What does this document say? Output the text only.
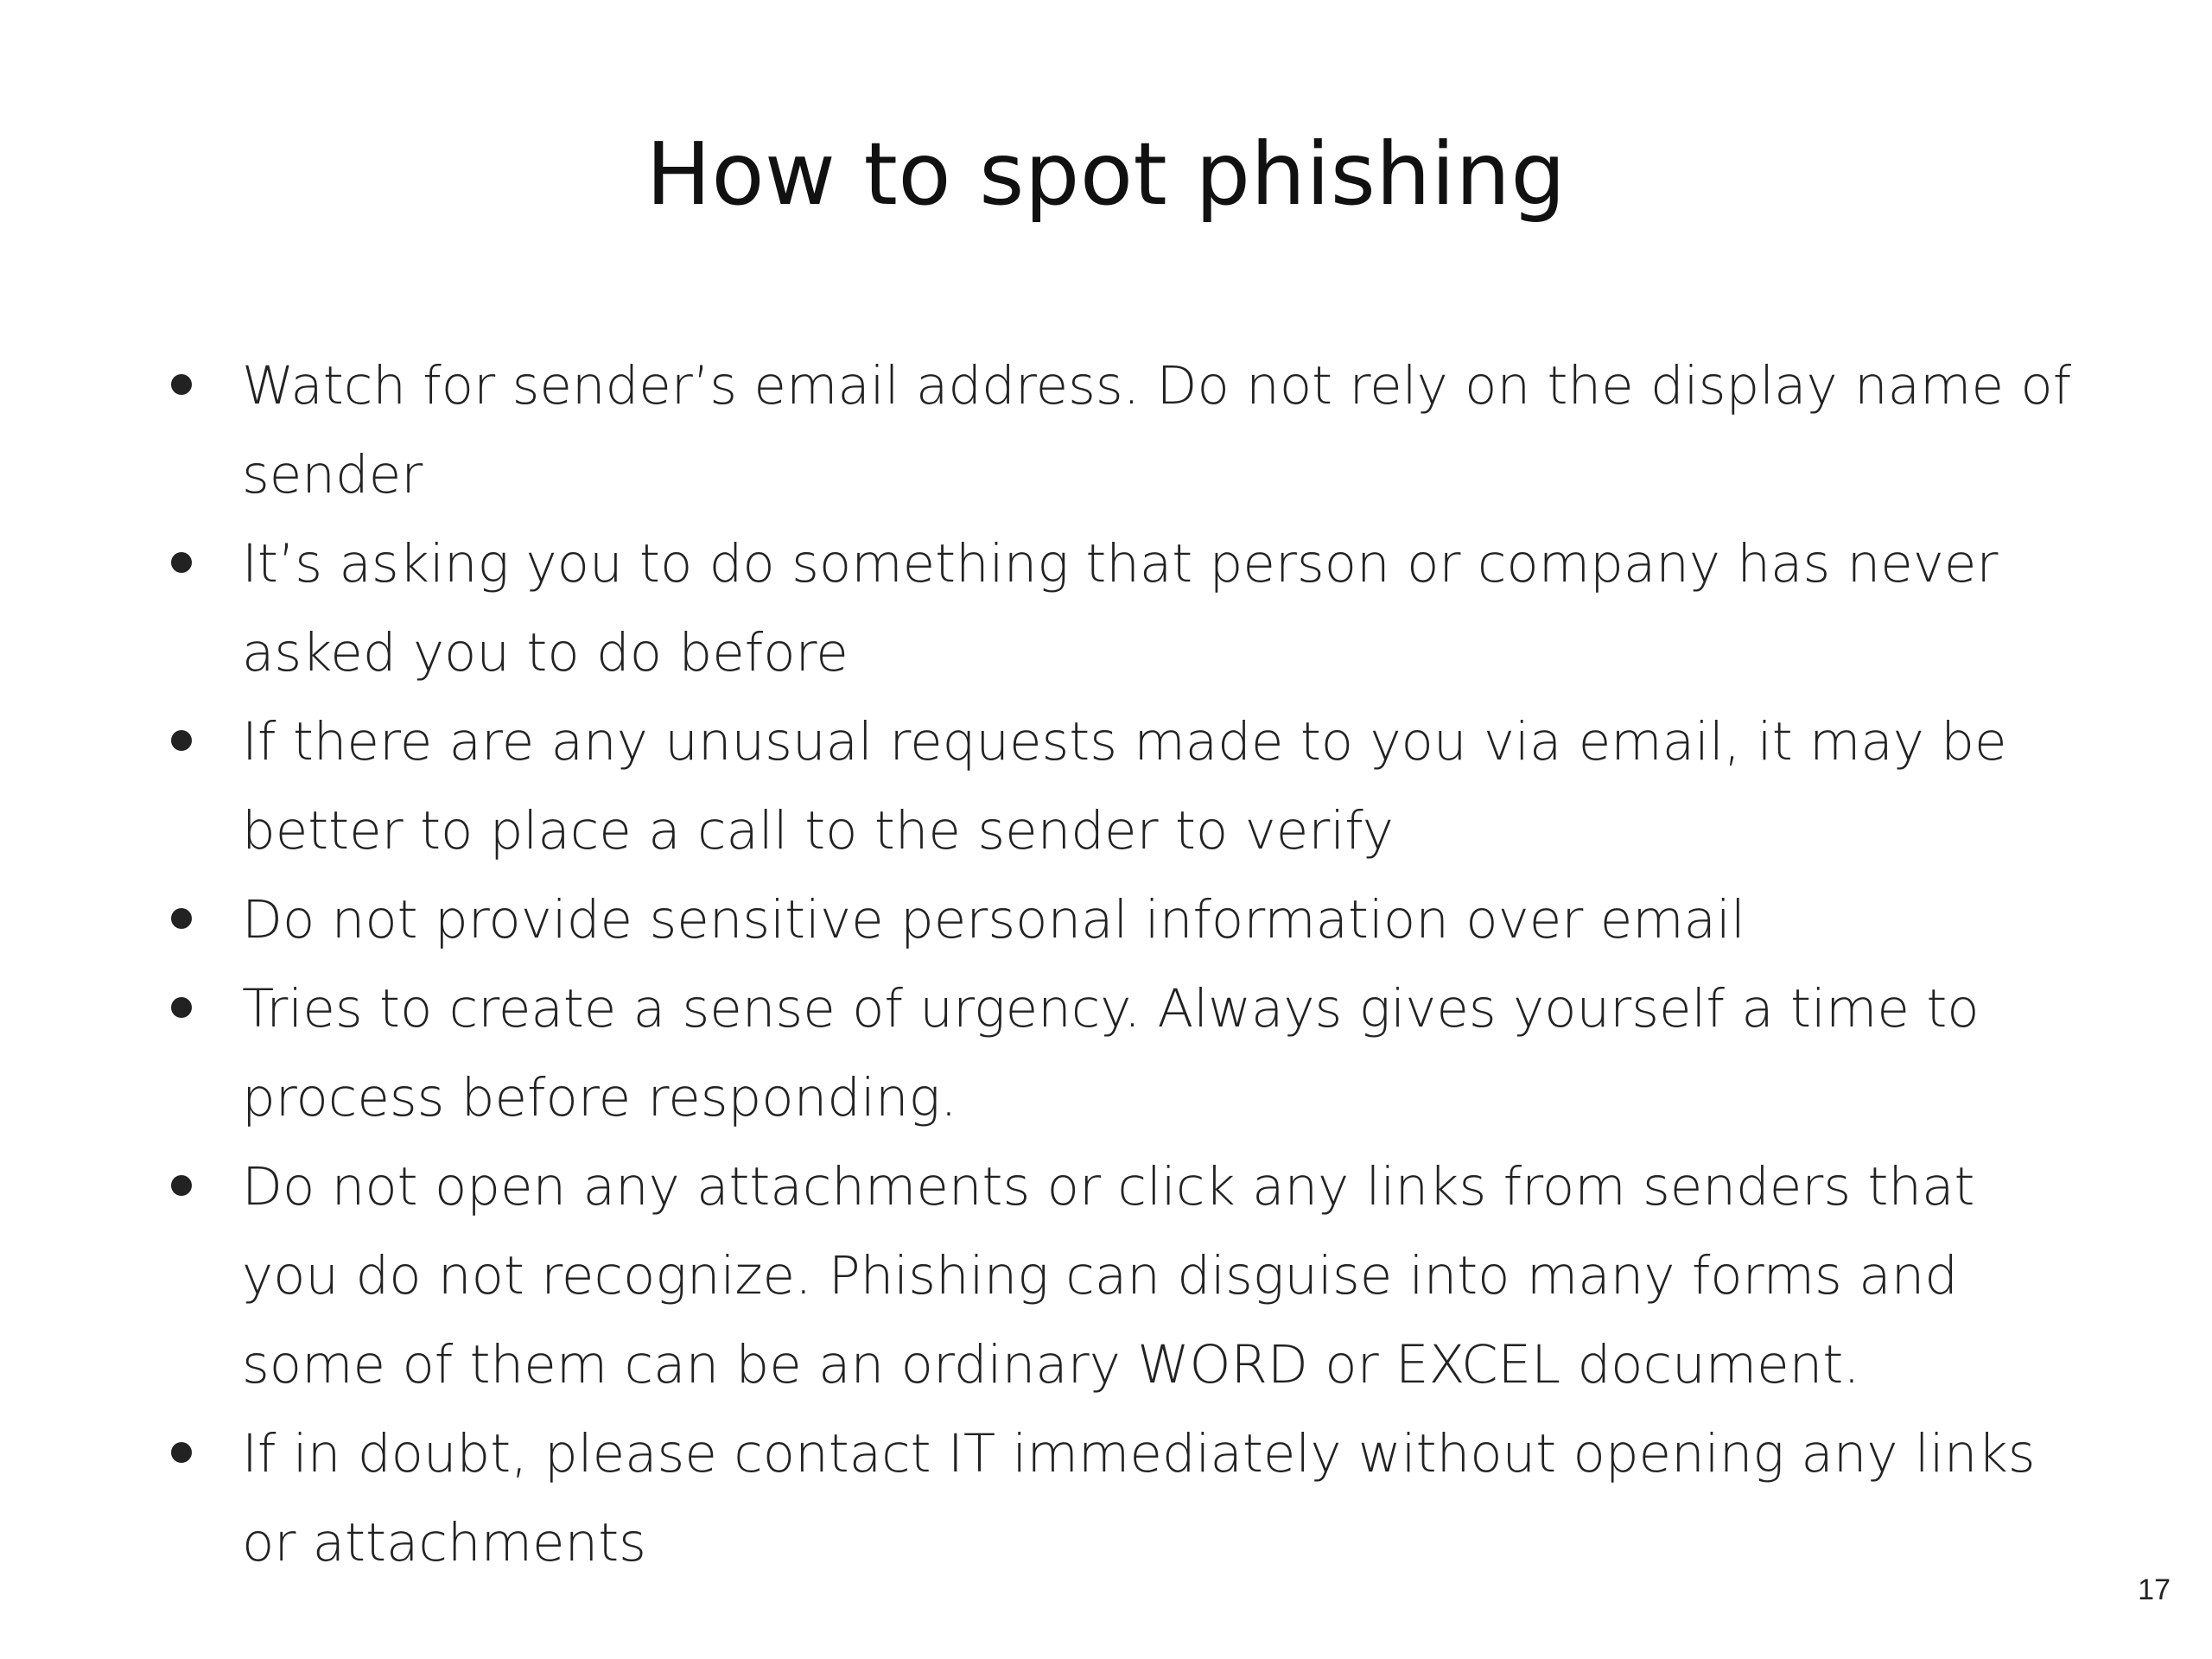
How to spot phishing
Watch for sender’s email address. Do not rely on the display name of sender
It’s asking you to do something that person or company has never asked you to do before
If there are any unusual requests made to you via email, it may be better to place a call to the sender to verify
Do not provide sensitive personal information over email
Tries to create a sense of urgency. Always gives yourself a time to process before responding.
Do not open any attachments or click any links from senders that you do not recognize. Phishing can disguise into many forms and some of them can be an ordinary WORD or EXCEL document.
If in doubt, please contact IT immediately without opening any links or attachments
17
